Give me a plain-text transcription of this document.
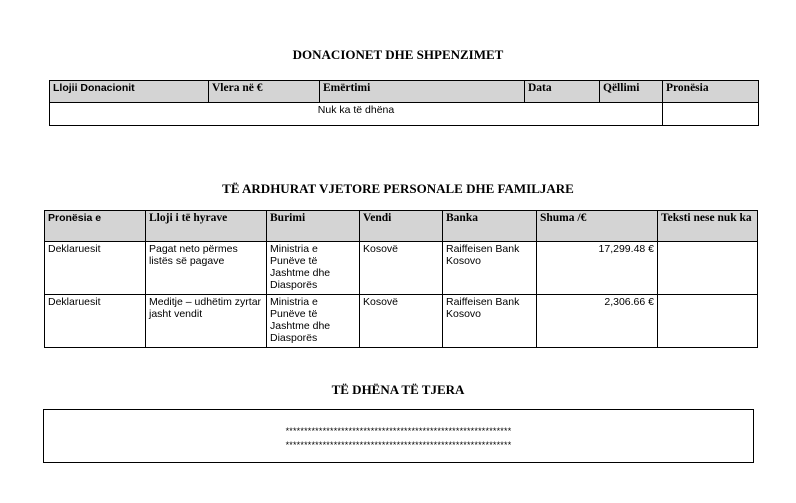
DONACIONET DHE SHPENZIMET
Llojii Donacionit	Vlera në €	Emërtimi	Data	Qëllimi	Pronësia
Nuk ka të dhëna					
TË ARDHURAT VJETORE PERSONALE DHE FAMILJARE
Pronësia e	Lloji i të hyrave	Burimi	Vendi	Banka	Shuma /€	Teksti nese nuk ka
Deklaruesit	Pagat neto përmes listës së pagave	Ministria e Punëve të Jashtme dhe Diasporës	Kosovë	Raiffeisen Bank Kosovo	17,299.48 €	
Deklaruesit	Meditje – udhëtim zyrtar jasht vendit	Ministria e Punëve të Jashtme dhe Diasporës	Kosovë	Raiffeisen Bank Kosovo	2,306.66 €	
TË DHËNA TË TJERA
*************************************************************
*************************************************************
